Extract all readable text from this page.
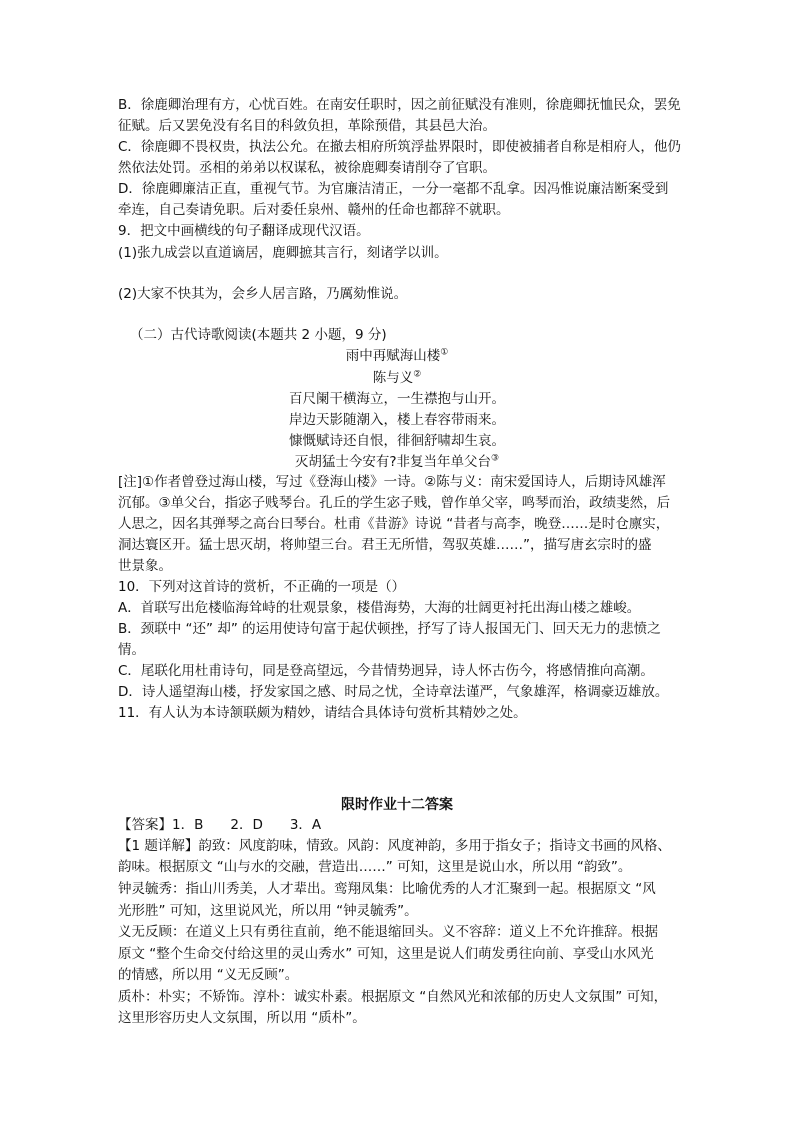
B．徐鹿卿治理有方，心忧百姓。在南安任职时，因之前征赋没有准则，徐鹿卿抚恤民众，罢免
征赋。后又罢免没有名目的科敛负担，革除预借，其县邑大治。
C．徐鹿卿不畏权贵，执法公允。在撤去相府所筑浮盐界限时，即使被捕者自称是相府人，他仍
然依法处罚。丞相的弟弟以权谋私，被徐鹿卿奏请削夺了官职。
D．徐鹿卿廉洁正直，重视气节。为官廉洁清正，一分一毫都不乱拿。因冯惟说廉洁断案受到
牵连，自己奏请免职。后对委任泉州、赣州的任命也都辞不就职。
9．把文中画横线的句子翻译成现代汉语。
(1)张九成尝以直道谪居，鹿卿摭其言行，刻诸学以训。
(2)大家不快其为，会乡人居言路，乃厲劾惟说。
（二）古代诗歌阅读(本题共 2 小题，9 分)
雨中再赋海山楼①
陈与义②
百尺阑干横海立，一生襟抱与山开。
岸边天影随潮入，楼上春容带雨来。
慷慨赋诗还自恨，徘徊舒啸却生哀。
灭胡猛士今安有?非复当年单父台③
[注]①作者曾登过海山楼，写过《登海山楼》一诗。②陈与义：南宋爱国诗人，后期诗风雄浑
沉郁。③单父台，指宓子贱琴台。孔丘的学生宓子贱，曾作单父宰，鸣琴而治，政绩斐然，后
人思之，因名其弹琴之高台曰琴台。杜甫《昔游》诗说 “昔者与高李，晚登……是时仓廪实，
洞达寰区开。猛士思灭胡，将帅望三台。君王无所惜，驾驭英雄……”，描写唐玄宗时的盛
世景象。
10．下列对这首诗的赏析，不正确的一项是（）
A．首联写出危楼临海耸峙的壮观景象，楼借海势，大海的壮阔更衬托出海山楼之雄峻。
B．颈联中 “还” 却” 的运用使诗句富于起伏顿挫，抒写了诗人报国无门、回天无力的悲愤之
情。
C．尾联化用杜甫诗句，同是登高望远，今昔情势迥异，诗人怀古伤今，将感情推向高潮。
D．诗人遥望海山楼，抒发家国之感、时局之忧，全诗章法谨严，气象雄浑，格调豪迈雄放。
11．有人认为本诗颔联颇为精妙，请结合具体诗句赏析其精妙之处。
限时作业十二答案
【答案】1．B　　2．D　　3．A
【1 题详解】韵致：风度韵味，情致。风韵：风度神韵，多用于指女子；指诗文书画的风格、
韵味。根据原文 “山与水的交融，营造出……” 可知，这里是说山水，所以用 “韵致”。
钟灵毓秀：指山川秀美，人才辈出。鸾翔凤集：比喻优秀的人才汇聚到一起。根据原文 “风
光形胜” 可知，这里说风光，所以用 “钟灵毓秀”。
义无反顾：在道义上只有勇往直前，绝不能退缩回头。义不容辞：道义上不允许推辞。根据
原文 “整个生命交付给这里的灵山秀水” 可知，这里是说人们萌发勇往向前、享受山水风光
的情感，所以用 “义无反顾”。
质朴：朴实；不矫饰。淳朴：诚实朴素。根据原文 “自然风光和浓郁的历史人文氛围” 可知，
这里形容历史人文氛围，所以用 “质朴”。
